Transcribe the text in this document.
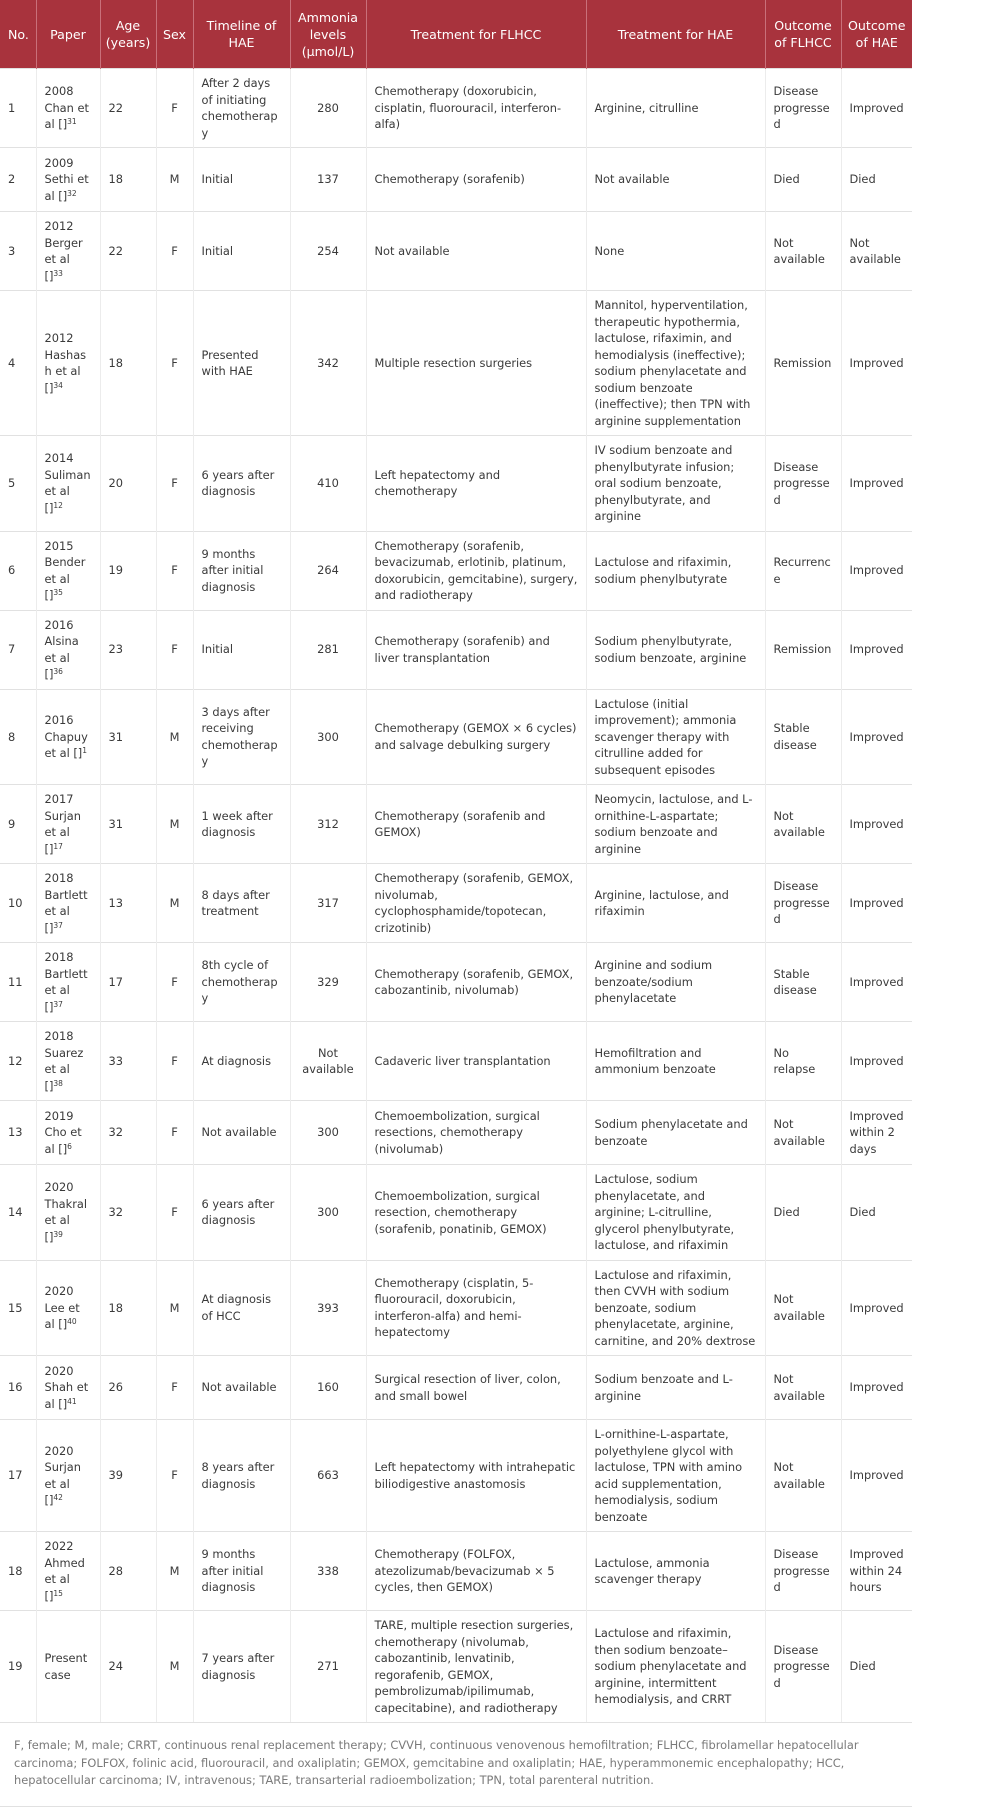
No.	Paper	Age (years)	Sex	Timeline of HAE	Ammonia levels (μmol/L)	Treatment for FLHCC	Treatment for HAE	Outcome of FLHCC	Outcome of HAE
1	2008 Chan et al []$^{31}$	22	F	After 2 days of initiating chemotherapy	280	Chemotherapy (doxorubicin, cisplatin, fluorouracil, interferon-alfa)	Arginine, citrulline	Disease progressed	Improved
2	2009 Sethi et al []$^{32}$	18	M	Initial	137	Chemotherapy (sorafenib)	Not available	Died	Died
3	2012 Berger et al []$^{33}$	22	F	Initial	254	Not available	None	Not available	Not available
4	2012 Hashash et al []$^{34}$	18	F	Presented with HAE	342	Multiple resection surgeries	Mannitol, hyperventilation, therapeutic hypothermia, lactulose, rifaximin, and hemodialysis (ineffective); sodium phenylacetate and sodium benzoate (ineffective); then TPN with arginine supplementation	Remission	Improved
5	2014 Suliman et al []$^{12}$	20	F	6 years after diagnosis	410	Left hepatectomy and chemotherapy	IV sodium benzoate and phenylbutyrate infusion; oral sodium benzoate, phenylbutyrate, and arginine	Disease progressed	Improved
6	2015 Bender et al []$^{35}$	19	F	9 months after initial diagnosis	264	Chemotherapy (sorafenib, bevacizumab, erlotinib, platinum, doxorubicin, gemcitabine), surgery, and radiotherapy	Lactulose and rifaximin, sodium phenylbutyrate	Recurrence	Improved
7	2016 Alsina et al []$^{36}$	23	F	Initial	281	Chemotherapy (sorafenib) and liver transplantation	Sodium phenylbutyrate, sodium benzoate, arginine	Remission	Improved
8	2016 Chapuy et al []$^1$	31	M	3 days after receiving chemotherapy	300	Chemotherapy (GEMOX × 6 cycles) and salvage debulking surgery	Lactulose (initial improvement); ammonia scavenger therapy with citrulline added for subsequent episodes	Stable disease	Improved
9	2017 Surjan et al []$^{17}$	31	M	1 week after diagnosis	312	Chemotherapy (sorafenib and GEMOX)	Neomycin, lactulose, and L-ornithine-L-aspartate; sodium benzoate and arginine	Not available	Improved
10	2018 Bartlett et al []$^{37}$	13	M	8 days after treatment	317	Chemotherapy (sorafenib, GEMOX, nivolumab, cyclophosphamide/topotecan, crizotinib)	Arginine, lactulose, and rifaximin	Disease progressed	Improved
11	2018 Bartlett et al []$^{37}$	17	F	8th cycle of chemotherapy	329	Chemotherapy (sorafenib, GEMOX, cabozantinib, nivolumab)	Arginine and sodium benzoate/sodium phenylacetate	Stable disease	Improved
12	2018 Suarez et al []$^{38}$	33	F	At diagnosis	Not available	Cadaveric liver transplantation	Hemofiltration and ammonium benzoate	No relapse	Improved
13	2019 Cho et al []$^6$	32	F	Not available	300	Chemoembolization, surgical resections, chemotherapy (nivolumab)	Sodium phenylacetate and benzoate	Not available	Improved within 2 days
14	2020 Thakral et al []$^{39}$	32	F	6 years after diagnosis	300	Chemoembolization, surgical resection, chemotherapy (sorafenib, ponatinib, GEMOX)	Lactulose, sodium phenylacetate, and arginine; L-citrulline, glycerol phenylbutyrate, lactulose, and rifaximin	Died	Died
15	2020 Lee et al []$^{40}$	18	M	At diagnosis of HCC	393	Chemotherapy (cisplatin, 5-fluorouracil, doxorubicin, interferon-alfa) and hemi-hepatectomy	Lactulose and rifaximin, then CVVH with sodium benzoate, sodium phenylacetate, arginine, carnitine, and 20% dextrose	Not available	Improved
16	2020 Shah et al []$^{41}$	26	F	Not available	160	Surgical resection of liver, colon, and small bowel	Sodium benzoate and L-arginine	Not available	Improved
17	2020 Surjan et al []$^{42}$	39	F	8 years after diagnosis	663	Left hepatectomy with intrahepatic biliodigestive anastomosis	L-ornithine-L-aspartate, polyethylene glycol with lactulose, TPN with amino acid supplementation, hemodialysis, sodium benzoate	Not available	Improved
18	2022 Ahmed et al []$^{15}$	28	M	9 months after initial diagnosis	338	Chemotherapy (FOLFOX, atezolizumab/bevacizumab × 5 cycles, then GEMOX)	Lactulose, ammonia scavenger therapy	Disease progressed	Improved within 24 hours
19	Present case	24	M	7 years after diagnosis	271	TARE, multiple resection surgeries, chemotherapy (nivolumab, cabozantinib, lenvatinib, regorafenib, GEMOX, pembrolizumab/ipilimumab, capecitabine), and radiotherapy	Lactulose and rifaximin, then sodium benzoate–sodium phenylacetate and arginine, intermittent hemodialysis, and CRRT	Disease progressed	Died
F, female; M, male; CRRT, continuous renal replacement therapy; CVVH, continuous venovenous hemofiltration; FLHCC, fibrolamellar hepatocellular carcinoma; FOLFOX, folinic acid, fluorouracil, and oxaliplatin; GEMOX, gemcitabine and oxaliplatin; HAE, hyperammonemic encephalopathy; HCC, hepatocellular carcinoma; IV, intravenous; TARE, transarterial radioembolization; TPN, total parenteral nutrition.
